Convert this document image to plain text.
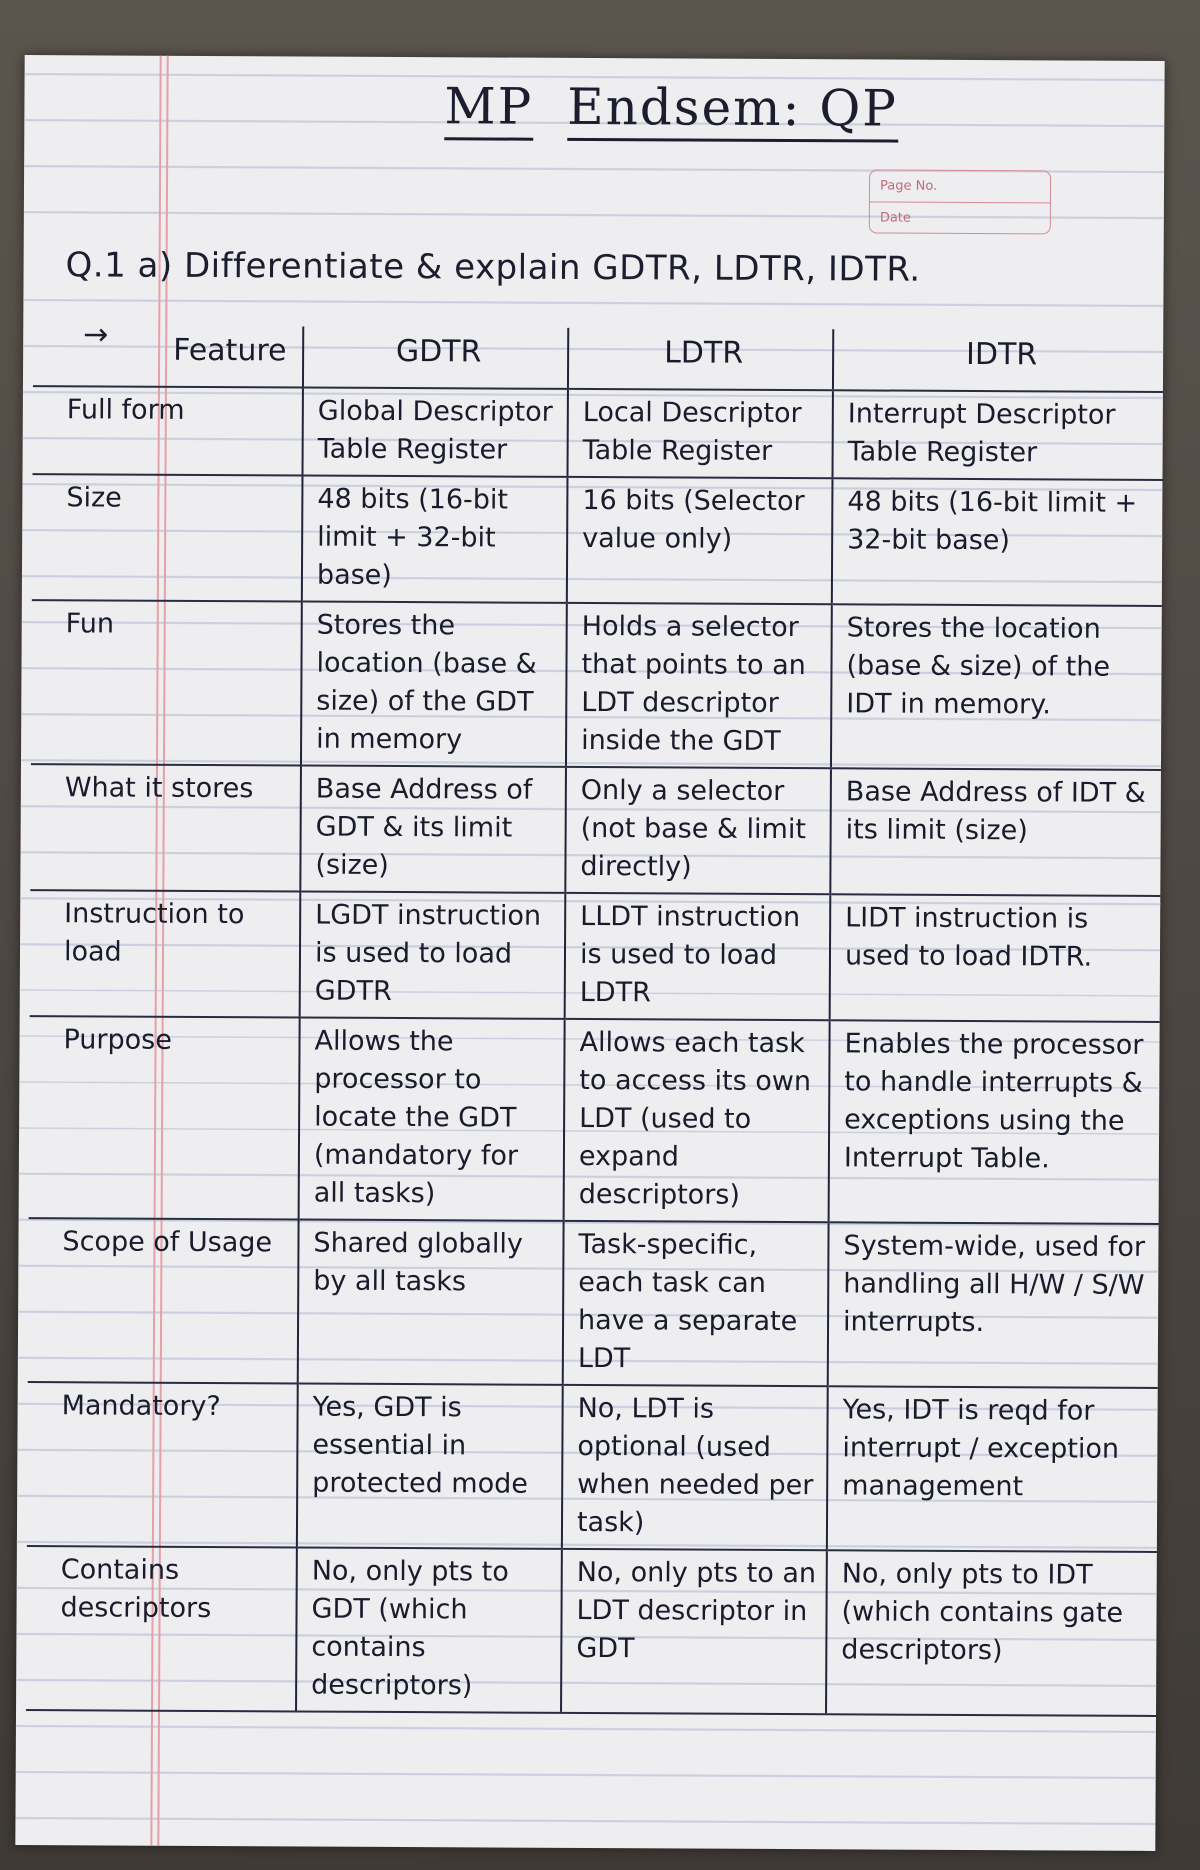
MP Endsem: QP
Page No.
Date
Q.1 a) Differentiate & explain GDTR, LDTR, IDTR.
→ Feature	GDTR	LDTR	IDTR
Full form	Global Descriptor Table Register	Local Descriptor Table Register	Interrupt Descriptor Table Register
Size	48 bits (16-bit limit + 32-bit base)	16 bits (Selector value only)	48 bits (16-bit limit + 32-bit base)
Fun	Stores the location (base & size) of the GDT in memory	Holds a selector that points to an LDT descriptor inside the GDT	Stores the location (base & size) of the IDT in memory.
What it stores	Base Address of GDT & its limit (size)	Only a selector (not base & limit directly)	Base Address of IDT & its limit (size)
Instruction to load	LGDT instruction is used to load GDTR	LLDT instruction is used to load LDTR	LIDT instruction is used to load IDTR.
Purpose	Allows the processor to locate the GDT (mandatory for all tasks)	Allows each task to access its own LDT (used to expand descriptors)	Enables the processor to handle interrupts & exceptions using the Interrupt Table.
Scope of Usage	Shared globally by all tasks	Task-specific, each task can have a separate LDT	System-wide, used for handling all H/W / S/W interrupts.
Mandatory?	Yes, GDT is essential in protected mode	No, LDT is optional (used when needed per task)	Yes, IDT is reqd for interrupt / exception management
Contains descriptors	No, only pts to GDT (which contains descriptors)	No, only pts to an LDT descriptor in GDT	No, only pts to IDT (which contains gate descriptors)
